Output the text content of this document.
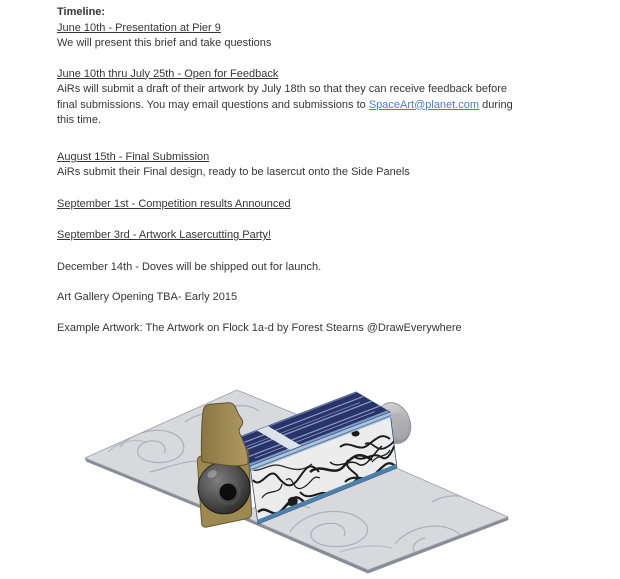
Timeline:
June 10th - Presentation at Pier 9
We will present this brief and take questions
June 10th thru July 25th - Open for Feedback
AiRs will submit a draft of their artwork by July 18th so that they can receive feedback before
final submissions. You may email questions and submissions to SpaceArt@planet.com during
this time.
August 15th - Final Submission
AiRs submit their Final design, ready to be lasercut onto the Side Panels
September 1st - Competition results Announced
September 3rd - Artwork Lasercutting Party!
December 14th - Doves will be shipped out for launch.
Art Gallery Opening TBA- Early 2015
Example Artwork: The Artwork on Flock 1a-d by Forest Stearns @DrawEverywhere
